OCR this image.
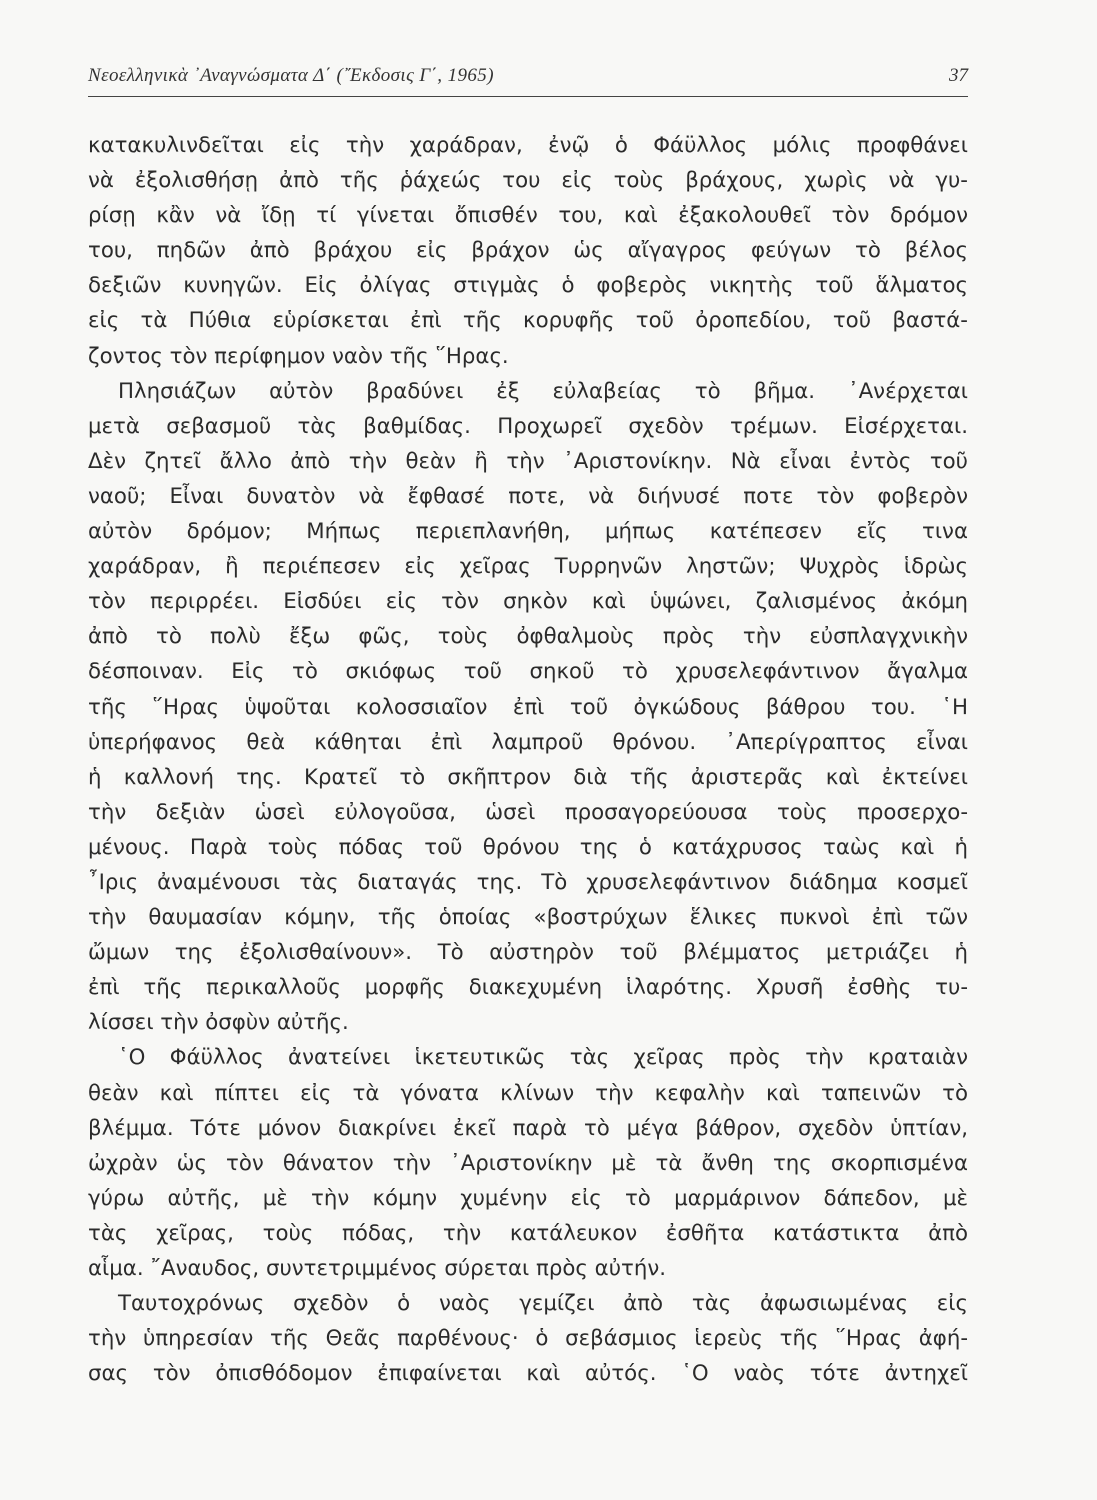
Νεοελληνικὰ ᾿Αναγνώσματα Δ΄ (῎Εκδοσις Γ΄, 1965)	37

κατακυλινδεῖται εἰς τὴν χαράδραν, ἐνῷ ὁ Φάϋλλος μόλις προφθάνει
νὰ ἐξολισθήσῃ ἀπὸ τῆς ῥάχεώς του εἰς τοὺς βράχους, χωρὶς νὰ γυ-
ρίσῃ κἂν νὰ ἴδῃ τί γίνεται ὄπισθέν του, καὶ ἐξακολουθεῖ τὸν δρόμον
του, πηδῶν ἀπὸ βράχου εἰς βράχον ὡς αἴγαγρος φεύγων τὸ βέλος
δεξιῶν κυνηγῶν. Εἰς ὀλίγας στιγμὰς ὁ φοβερὸς νικητὴς τοῦ ἅλματος
εἰς τὰ Πύθια εὑρίσκεται ἐπὶ τῆς κορυφῆς τοῦ ὀροπεδίου, τοῦ βαστά-
ζοντος τὸν περίφημον ναὸν τῆς ῞Ηρας.

Πλησιάζων αὐτὸν βραδύνει ἐξ εὐλαβείας τὸ βῆμα. ᾿Ανέρχεται
μετὰ σεβασμοῦ τὰς βαθμίδας. Προχωρεῖ σχεδὸν τρέμων. Εἰσέρχεται.
Δὲν ζητεῖ ἄλλο ἀπὸ τὴν θεὰν ἢ τὴν ᾿Αριστονίκην. Νὰ εἶναι ἐντὸς τοῦ
ναοῦ; Εἶναι δυνατὸν νὰ ἔφθασέ ποτε, νὰ διήνυσέ ποτε τὸν φοβερὸν
αὐτὸν δρόμον; Μήπως περιεπλανήθη, μήπως κατέπεσεν εἴς τινα
χαράδραν, ἢ περιέπεσεν εἰς χεῖρας Τυρρηνῶν ληστῶν; Ψυχρὸς ἱδρὼς
τὸν περιρρέει. Εἰσδύει εἰς τὸν σηκὸν καὶ ὑψώνει, ζαλισμένος ἀκόμη
ἀπὸ τὸ πολὺ ἔξω φῶς, τοὺς ὀφθαλμοὺς πρὸς τὴν εὐσπλαγχνικὴν
δέσποιναν. Εἰς τὸ σκιόφως τοῦ σηκοῦ τὸ χρυσελεφάντινον ἄγαλμα
τῆς ῞Ηρας ὑψοῦται κολοσσιαῖον ἐπὶ τοῦ ὀγκώδους βάθρου του. ῾Η
ὑπερήφανος θεὰ κάθηται ἐπὶ λαμπροῦ θρόνου. ᾿Απερίγραπτος εἶναι
ἡ καλλονή της. Κρατεῖ τὸ σκῆπτρον διὰ τῆς ἀριστερᾶς καὶ ἐκτείνει
τὴν δεξιὰν ὡσεὶ εὐλογοῦσα, ὡσεὶ προσαγορεύουσα τοὺς προσερχο-
μένους. Παρὰ τοὺς πόδας τοῦ θρόνου της ὁ κατάχρυσος ταὼς καὶ ἡ
῏Ιρις ἀναμένουσι τὰς διαταγάς της. Τὸ χρυσελεφάντινον διάδημα κοσμεῖ
τὴν θαυμασίαν κόμην, τῆς ὁποίας «βοστρύχων ἕλικες πυκνοὶ ἐπὶ τῶν
ὤμων της ἐξολισθαίνουν». Τὸ αὐστηρὸν τοῦ βλέμματος μετριάζει ἡ
ἐπὶ τῆς περικαλλοῦς μορφῆς διακεχυμένη ἱλαρότης. Χρυσῆ ἐσθὴς τυ-
λίσσει τὴν ὀσφὺν αὐτῆς.

῾Ο Φάϋλλος ἀνατείνει ἱκετευτικῶς τὰς χεῖρας πρὸς τὴν κραταιὰν
θεὰν καὶ πίπτει εἰς τὰ γόνατα κλίνων τὴν κεφαλὴν καὶ ταπεινῶν τὸ
βλέμμα. Τότε μόνον διακρίνει ἐκεῖ παρὰ τὸ μέγα βάθρον, σχεδὸν ὑπτίαν,
ὠχρὰν ὡς τὸν θάνατον τὴν ᾿Αριστονίκην μὲ τὰ ἄνθη της σκορπισμένα
γύρω αὐτῆς, μὲ τὴν κόμην χυμένην εἰς τὸ μαρμάρινον δάπεδον, μὲ
τὰς χεῖρας, τοὺς πόδας, τὴν κατάλευκον ἐσθῆτα κατάστικτα ἀπὸ
αἷμα. ῎Αναυδος, συντετριμμένος σύρεται πρὸς αὐτήν.

Ταυτοχρόνως σχεδὸν ὁ ναὸς γεμίζει ἀπὸ τὰς ἀφωσιωμένας εἰς
τὴν ὑπηρεσίαν τῆς Θεᾶς παρθένους· ὁ σεβάσμιος ἱερεὺς τῆς ῞Ηρας ἀφή-
σας τὸν ὀπισθόδομον ἐπιφαίνεται καὶ αὐτός. ῾Ο ναὸς τότε ἀντηχεῖ
